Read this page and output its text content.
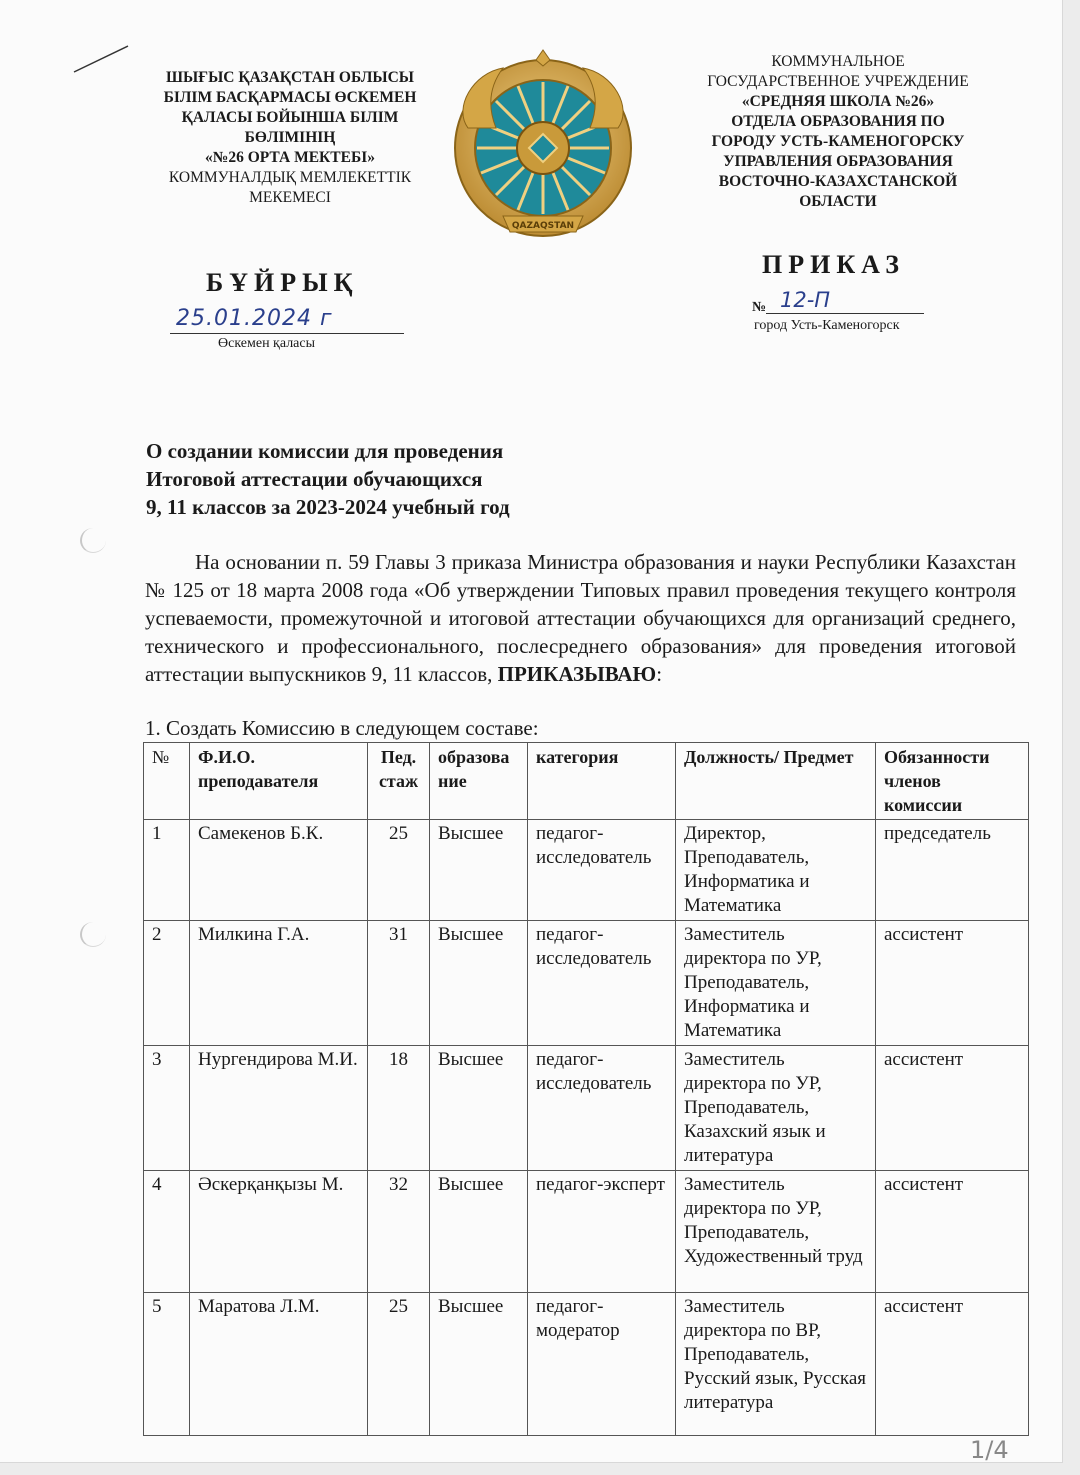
ШЫҒЫС ҚАЗАҚСТАН ОБЛЫСЫ
БІЛІМ БАСҚАРМАСЫ ӨСКЕМЕН
ҚАЛАСЫ БОЙЫНША БІЛІМ
БӨЛІМІНІҢ
«№26 ОРТА МЕКТЕБІ»
КОММУНАЛДЫҚ МЕМЛЕКЕТТІК
МЕКЕМЕСІ
QAZAQSTAN
КОММУНАЛЬНОЕ
ГОСУДАРСТВЕННОЕ УЧРЕЖДЕНИЕ
«СРЕДНЯЯ ШКОЛА №26»
ОТДЕЛА ОБРАЗОВАНИЯ ПО
ГОРОДУ УСТЬ-КАМЕНОГОРСКУ
УПРАВЛЕНИЯ ОБРАЗОВАНИЯ
ВОСТОЧНО-КАЗАХСТАНСКОЙ
ОБЛАСТИ
БҰЙРЫҚ
ПРИКАЗ
25.01.2024 г
Өскемен қаласы
№ 12-П
город Усть-Каменогорск
О создании комиссии для проведения
Итоговой аттестации обучающихся
9, 11 классов за 2023-2024 учебный год
На основании п. 59 Главы 3 приказа Министра образования и науки Республики Казахстан № 125 от 18 марта 2008 года «Об утверждении Типовых правил проведения текущего контроля успеваемости, промежуточной и итоговой аттестации обучающихся для организаций среднего, технического и профессионального, послесреднего образования» для проведения итоговой аттестации выпускников 9, 11 классов, ПРИКАЗЫВАЮ:
1. Создать Комиссию в следующем составе:
№	Ф.И.О. преподавателя	Пед. стаж	образование	категория	Должность/ Предмет	Обязанности членов комиссии
1	Самекенов Б.К.	25	Высшее	педагог-исследователь	Директор, Преподаватель, Информатика и Математика	председатель
2	Милкина Г.А.	31	Высшее	педагог-исследователь	Заместитель директора по УР, Преподаватель, Информатика и Математика	ассистент
3	Нургендирова М.И.	18	Высшее	педагог-исследователь	Заместитель директора по УР, Преподаватель, Казахский язык и литература	ассистент
4	Әскерқанқызы М.	32	Высшее	педагог-эксперт	Заместитель директора по УР, Преподаватель, Художественный труд	ассистент
5	Маратова Л.М.	25	Высшее	педагог-модератор	Заместитель директора по ВР, Преподаватель, Русский язык, Русская литература	ассистент
1/4
